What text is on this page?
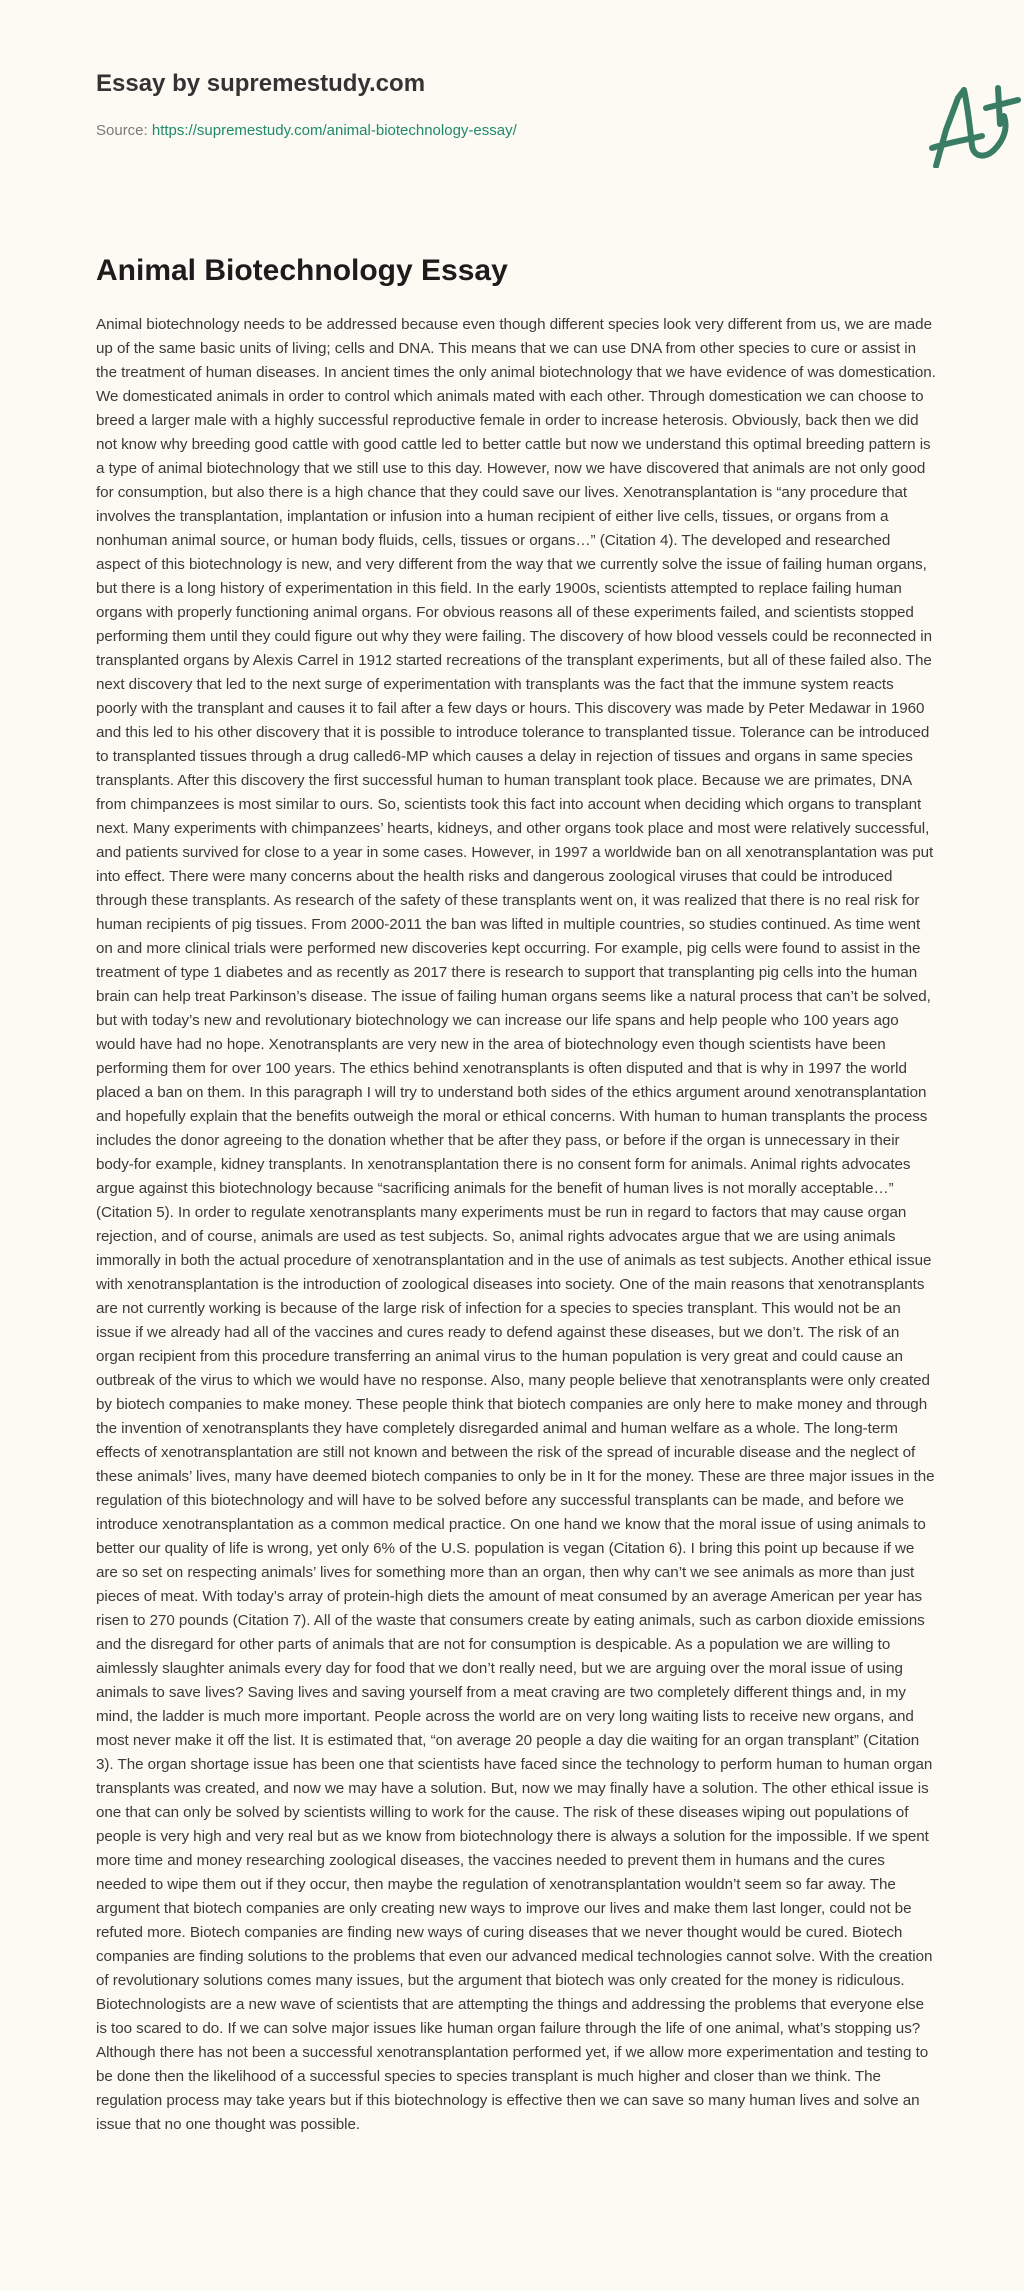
Essay by supremestudy.com
Source: https://supremestudy.com/animal-biotechnology-essay/
Animal Biotechnology Essay

Animal biotechnology needs to be addressed because even though different species look very different from us, we are made up of the same basic units of living; cells and DNA. This means that we can use DNA from other species to cure or assist in the treatment of human diseases. In ancient times the only animal biotechnology that we have evidence of was domestication. We domesticated animals in order to control which animals mated with each other. Through domestication we can choose to breed a larger male with a highly successful reproductive female in order to increase heterosis. Obviously, back then we did not know why breeding good cattle with good cattle led to better cattle but now we understand this optimal breeding pattern is a type of animal biotechnology that we still use to this day. However, now we have discovered that animals are not only good for consumption, but also there is a high chance that they could save our lives. Xenotransplantation is “any procedure that involves the transplantation, implantation or infusion into a human recipient of either live cells, tissues, or organs from a nonhuman animal source, or human body fluids, cells, tissues or organs…” (Citation 4). The developed and researched aspect of this biotechnology is new, and very different from the way that we currently solve the issue of failing human organs, but there is a long history of experimentation in this field. In the early 1900s, scientists attempted to replace failing human organs with properly functioning animal organs. For obvious reasons all of these experiments failed, and scientists stopped performing them until they could figure out why they were failing. The discovery of how blood vessels could be reconnected in transplanted organs by Alexis Carrel in 1912 started recreations of the transplant experiments, but all of these failed also. The next discovery that led to the next surge of experimentation with transplants was the fact that the immune system reacts poorly with the transplant and causes it to fail after a few days or hours. This discovery was made by Peter Medawar in 1960 and this led to his other discovery that it is possible to introduce tolerance to transplanted tissue. Tolerance can be introduced to transplanted tissues through a drug called6-MP which causes a delay in rejection of tissues and organs in same species transplants. After this discovery the first successful human to human transplant took place. Because we are primates, DNA from chimpanzees is most similar to ours. So, scientists took this fact into account when deciding which organs to transplant next. Many experiments with chimpanzees’ hearts, kidneys, and other organs took place and most were relatively successful, and patients survived for close to a year in some cases. However, in 1997 a worldwide ban on all xenotransplantation was put into effect. There were many concerns about the health risks and dangerous zoological viruses that could be introduced through these transplants. As research of the safety of these transplants went on, it was realized that there is no real risk for human recipients of pig tissues. From 2000-2011 the ban was lifted in multiple countries, so studies continued. As time went on and more clinical trials were performed new discoveries kept occurring. For example, pig cells were found to assist in the treatment of type 1 diabetes and as recently as 2017 there is research to support that transplanting pig cells into the human brain can help treat Parkinson’s disease. The issue of failing human organs seems like a natural process that can’t be solved, but with today’s new and revolutionary biotechnology we can increase our life spans and help people who 100 years ago would have had no hope. Xenotransplants are very new in the area of biotechnology even though scientists have been performing them for over 100 years. The ethics behind xenotransplants is often disputed and that is why in 1997 the world placed a ban on them. In this paragraph I will try to understand both sides of the ethics argument around xenotransplantation and hopefully explain that the benefits outweigh the moral or ethical concerns. With human to human transplants the process includes the donor agreeing to the donation whether that be after they pass, or before if the organ is unnecessary in their body-for example, kidney transplants. In xenotransplantation there is no consent form for animals. Animal rights advocates argue against this biotechnology because “sacrificing animals for the benefit of human lives is not morally acceptable…” (Citation 5). In order to regulate xenotransplants many experiments must be run in regard to factors that may cause organ rejection, and of course, animals are used as test subjects. So, animal rights advocates argue that we are using animals immorally in both the actual procedure of xenotransplantation and in the use of animals as test subjects. Another ethical issue with xenotransplantation is the introduction of zoological diseases into society. One of the main reasons that xenotransplants are not currently working is because of the large risk of infection for a species to species transplant. This would not be an issue if we already had all of the vaccines and cures ready to defend against these diseases, but we don’t. The risk of an organ recipient from this procedure transferring an animal virus to the human population is very great and could cause an outbreak of the virus to which we would have no response. Also, many people believe that xenotransplants were only created by biotech companies to make money. These people think that biotech companies are only here to make money and through the invention of xenotransplants they have completely disregarded animal and human welfare as a whole. The long-term effects of xenotransplantation are still not known and between the risk of the spread of incurable disease and the neglect of these animals’ lives, many have deemed biotech companies to only be in It for the money. These are three major issues in the regulation of this biotechnology and will have to be solved before any successful transplants can be made, and before we introduce xenotransplantation as a common medical practice. On one hand we know that the moral issue of using animals to better our quality of life is wrong, yet only 6% of the U.S. population is vegan (Citation 6). I bring this point up because if we are so set on respecting animals’ lives for something more than an organ, then why can’t we see animals as more than just pieces of meat. With today’s array of protein-high diets the amount of meat consumed by an average American per year has risen to 270 pounds (Citation 7). All of the waste that consumers create by eating animals, such as carbon dioxide emissions and the disregard for other parts of animals that are not for consumption is despicable. As a population we are willing to aimlessly slaughter animals every day for food that we don’t really need, but we are arguing over the moral issue of using animals to save lives? Saving lives and saving yourself from a meat craving are two completely different things and, in my mind, the ladder is much more important. People across the world are on very long waiting lists to receive new organs, and most never make it off the list. It is estimated that, “on average 20 people a day die waiting for an organ transplant” (Citation 3). The organ shortage issue has been one that scientists have faced since the technology to perform human to human organ transplants was created, and now we may have a solution. But, now we may finally have a solution. The other ethical issue is one that can only be solved by scientists willing to work for the cause. The risk of these diseases wiping out populations of people is very high and very real but as we know from biotechnology there is always a solution for the impossible. If we spent more time and money researching zoological diseases, the vaccines needed to prevent them in humans and the cures needed to wipe them out if they occur, then maybe the regulation of xenotransplantation wouldn’t seem so far away. The argument that biotech companies are only creating new ways to improve our lives and make them last longer, could not be refuted more. Biotech companies are finding new ways of curing diseases that we never thought would be cured. Biotech companies are finding solutions to the problems that even our advanced medical technologies cannot solve. With the creation of revolutionary solutions comes many issues, but the argument that biotech was only created for the money is ridiculous. Biotechnologists are a new wave of scientists that are attempting the things and addressing the problems that everyone else is too scared to do. If we can solve major issues like human organ failure through the life of one animal, what’s stopping us? Although there has not been a successful xenotransplantation performed yet, if we allow more experimentation and testing to be done then the likelihood of a successful species to species transplant is much higher and closer than we think. The regulation process may take years but if this biotechnology is effective then we can save so many human lives and solve an issue that no one thought was possible.
